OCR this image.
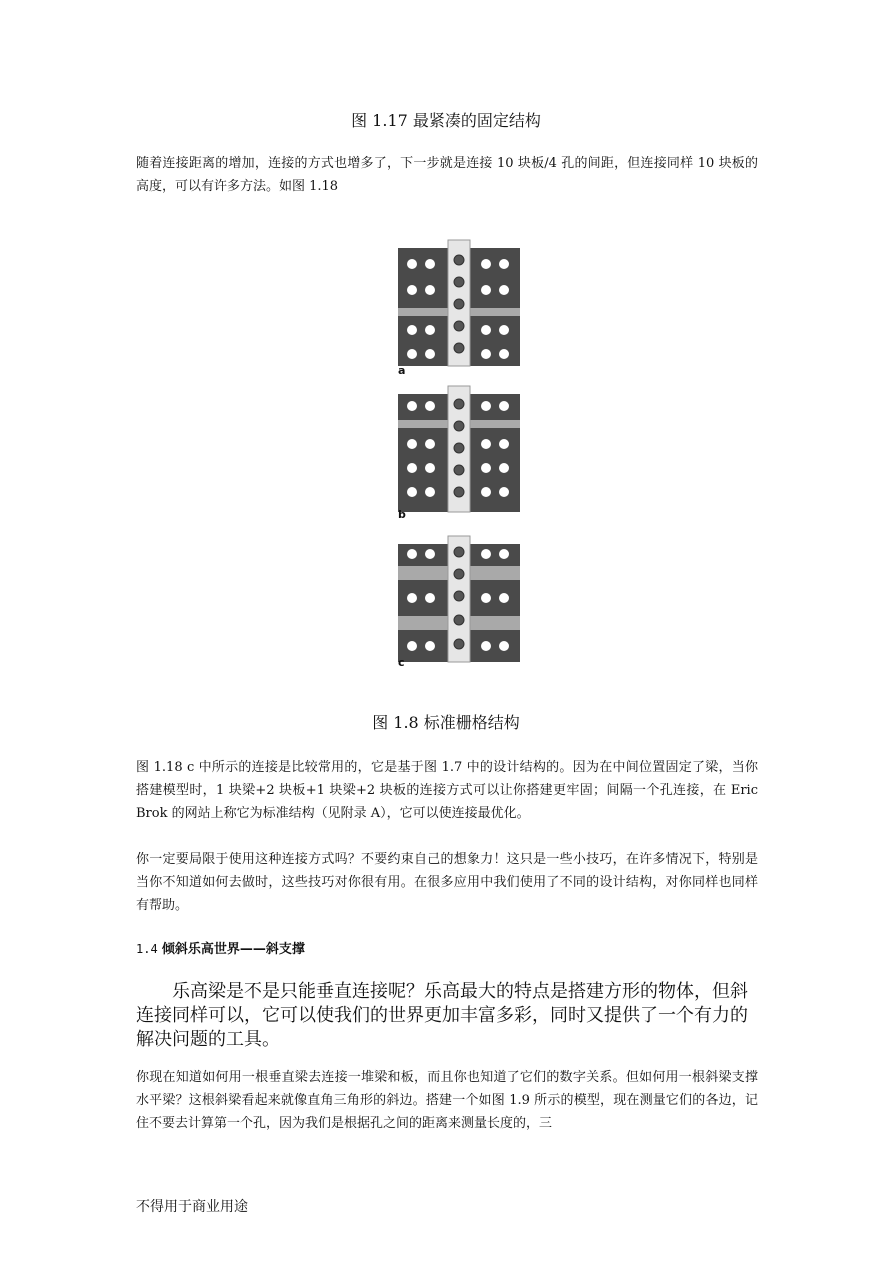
图 1.17 最紧凑的固定结构
随着连接距离的增加，连接的方式也增多了，下一步就是连接 10 块板/4 孔的间距，但连接同样 10 块板的高度，可以有许多方法。如图 1.18
a
b
c
图 1.8 标准栅格结构
图 1.18 c 中所示的连接是比较常用的，它是基于图 1.7 中的设计结构的。因为在中间位置固定了梁，当你搭建模型时，1 块梁+2 块板+1 块梁+2 块板的连接方式可以让你搭建更牢固；间隔一个孔连接，在 Eric Brok 的网站上称它为标准结构（见附录 A），它可以使连接最优化。
你一定要局限于使用这种连接方式吗？不要约束自己的想象力！这只是一些小技巧，在许多情况下，特别是当你不知道如何去做时，这些技巧对你很有用。在很多应用中我们使用了不同的设计结构，对你同样也同样有帮助。
1.4 倾斜乐高世界——斜支撑
　　乐高梁是不是只能垂直连接呢？乐高最大的特点是搭建方形的物体，但斜连接同样可以，它可以使我们的世界更加丰富多彩，同时又提供了一个有力的解决问题的工具。
你现在知道如何用一根垂直梁去连接一堆梁和板，而且你也知道了它们的数字关系。但如何用一根斜梁支撑水平梁？这根斜梁看起来就像直角三角形的斜边。搭建一个如图 1.9 所示的模型，现在测量它们的各边，记住不要去计算第一个孔，因为我们是根据孔之间的距离来测量长度的，三
不得用于商业用途
